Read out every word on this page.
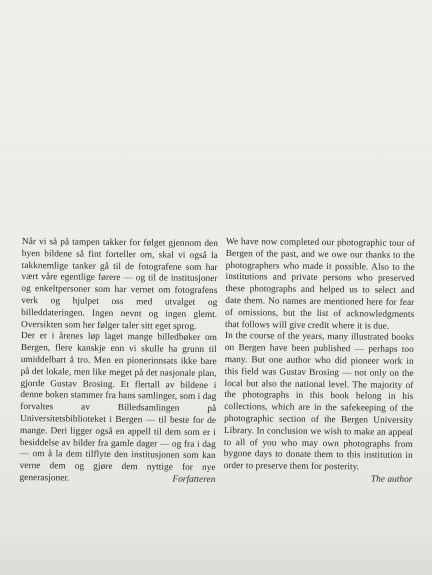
Når vi så på tampen takker for følget gjennom den byen bildene så fint forteller om, skal vi også la takknemlige tanker gå til de fotografene som har vært våre egentlige førere — og til de institusjoner og enkeltpersoner som har vernet om fotografens verk og hjulpet oss med utvalget og billeddateringen. Ingen nevnt og ingen glemt. Oversikten som her følger taler sitt eget sprog.

Der er i årenes løp laget mange billedbøker om Bergen, flere kanskje enn vi skulle ha grunn til umiddelbart å tro. Men en pionerinnsats ikke bare på det lokale, men like meget på det nasjonale plan, gjorde Gustav Brosing. Et flertall av bildene i denne boken stammer fra hans samlinger, som i dag forvaltes av Billedsamlingen på Universitetsbiblioteket i Bergen — til beste for de mange. Deri ligger også en appell til dem som er i besiddelse av bilder fra gamle dager — og fra i dag — om å la dem tilflyte den institusjonen som kan verne dem og gjøre dem nyttige for nye generasjoner.	Forfatteren

We have now completed our photographic tour of Bergen of the past, and we owe our thanks to the photographers who made it possible. Also to the institutions and private persons who preserved these photographs and helped us to select and date them. No names are mentioned here for fear of omissions, but the list of acknowledgments that follows will give credit where it is due.

In the course of the years, many illustrated books on Bergen have been published — perhaps too many. But one author who did pioneer work in this field was Gustav Brosing — not only on the local but also the national level. The majority of the photographs in this book belong in his collections, which are in the safekeeping of the photographic section of the Bergen University Library. In conclusion we wish to make an appeal to all of you who may own photographs from bygone days to donate them to this institution in order to preserve them for posterity.

The author
